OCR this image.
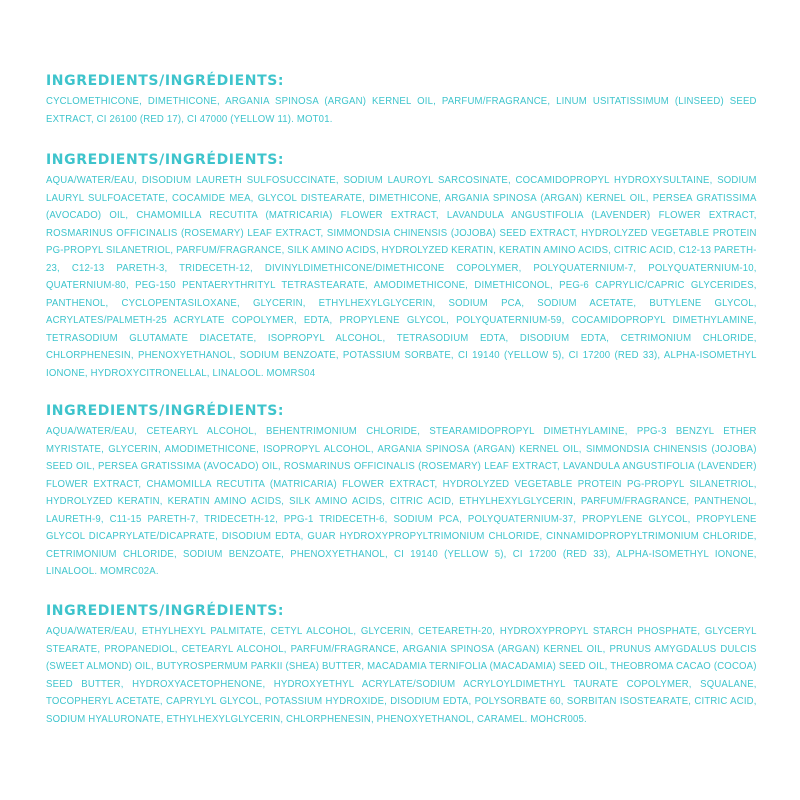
INGREDIENTS/INGRÉDIENTS:

CYCLOMETHICONE, DIMETHICONE, ARGANIA SPINOSA (ARGAN) KERNEL OIL, PARFUM/FRAGRANCE, LINUM USITATISSIMUM (LINSEED) SEED EXTRACT, CI 26100 (RED 17), CI 47000 (YELLOW 11). MOT01.

INGREDIENTS/INGRÉDIENTS:

AQUA/WATER/EAU, DISODIUM LAURETH SULFOSUCCINATE, SODIUM LAUROYL SARCOSINATE, COCAMIDOPROPYL HYDROXYSULTAINE, SODIUM LAURYL SULFOACETATE, COCAMIDE MEA, GLYCOL DISTEARATE, DIMETHICONE, ARGANIA SPINOSA (ARGAN) KERNEL OIL, PERSEA GRATISSIMA (AVOCADO) OIL, CHAMOMILLA RECUTITA (MATRICARIA) FLOWER EXTRACT, LAVANDULA ANGUSTIFOLIA (LAVENDER) FLOWER EXTRACT, ROSMARINUS OFFICINALIS (ROSEMARY) LEAF EXTRACT, SIMMONDSIA CHINENSIS (JOJOBA) SEED EXTRACT, HYDROLYZED VEGETABLE PROTEIN PG-PROPYL SILANETRIOL, PARFUM/FRAGRANCE, SILK AMINO ACIDS, HYDROLYZED KERATIN, KERATIN AMINO ACIDS, CITRIC ACID, C12-13 PARETH-23, C12-13 PARETH-3, TRIDECETH-12, DIVINYLDIMETHICONE/DIMETHICONE COPOLYMER, POLYQUATERNIUM-7, POLYQUATERNIUM-10, QUATERNIUM-80, PEG-150 PENTAERYTHRITYL TETRASTEARATE, AMODIMETHICONE, DIMETHICONOL, PEG-6 CAPRYLIC/CAPRIC GLYCERIDES, PANTHENOL, CYCLOPENTASILOXANE, GLYCERIN, ETHYLHEXYLGLYCERIN, SODIUM PCA, SODIUM ACETATE, BUTYLENE GLYCOL, ACRYLATES/PALMETH-25 ACRYLATE COPOLYMER, EDTA, PROPYLENE GLYCOL, POLYQUATERNIUM-59, COCAMIDOPROPYL DIMETHYLAMINE, TETRASODIUM GLUTAMATE DIACETATE, ISOPROPYL ALCOHOL, TETRASODIUM EDTA, DISODIUM EDTA, CETRIMONIUM CHLORIDE, CHLORPHENESIN, PHENOXYETHANOL, SODIUM BENZOATE, POTASSIUM SORBATE, CI 19140 (YELLOW 5), CI 17200 (RED 33), ALPHA-ISOMETHYL IONONE, HYDROXYCITRONELLAL, LINALOOL. MOMRS04

INGREDIENTS/INGRÉDIENTS:

AQUA/WATER/EAU, CETEARYL ALCOHOL, BEHENTRIMONIUM CHLORIDE, STEARAMIDOPROPYL DIMETHYLAMINE, PPG-3 BENZYL ETHER MYRISTATE, GLYCERIN, AMODIMETHICONE, ISOPROPYL ALCOHOL, ARGANIA SPINOSA (ARGAN) KERNEL OIL, SIMMONDSIA CHINENSIS (JOJOBA) SEED OIL, PERSEA GRATISSIMA (AVOCADO) OIL, ROSMARINUS OFFICINALIS (ROSEMARY) LEAF EXTRACT, LAVANDULA ANGUSTIFOLIA (LAVENDER) FLOWER EXTRACT, CHAMOMILLA RECUTITA (MATRICARIA) FLOWER EXTRACT, HYDROLYZED VEGETABLE PROTEIN PG-PROPYL SILANETRIOL, HYDROLYZED KERATIN, KERATIN AMINO ACIDS, SILK AMINO ACIDS, CITRIC ACID, ETHYLHEXYLGLYCERIN, PARFUM/FRAGRANCE, PANTHENOL, LAURETH-9, C11-15 PARETH-7, TRIDECETH-12, PPG-1 TRIDECETH-6, SODIUM PCA, POLYQUATERNIUM-37, PROPYLENE GLYCOL, PROPYLENE GLYCOL DICAPRYLATE/DICAPRATE, DISODIUM EDTA, GUAR HYDROXYPROPYLTRIMONIUM CHLORIDE, CINNAMIDOPROPYLTRIMONIUM CHLORIDE, CETRIMONIUM CHLORIDE, SODIUM BENZOATE, PHENOXYETHANOL, CI 19140 (YELLOW 5), CI 17200 (RED 33), ALPHA-ISOMETHYL IONONE, LINALOOL. MOMRC02A.

INGREDIENTS/INGRÉDIENTS:

AQUA/WATER/EAU, ETHYLHEXYL PALMITATE, CETYL ALCOHOL, GLYCERIN, CETEARETH-20, HYDROXYPROPYL STARCH PHOSPHATE, GLYCERYL STEARATE, PROPANEDIOL, CETEARYL ALCOHOL, PARFUM/FRAGRANCE, ARGANIA SPINOSA (ARGAN) KERNEL OIL, PRUNUS AMYGDALUS DULCIS (SWEET ALMOND) OIL, BUTYROSPERMUM PARKII (SHEA) BUTTER, MACADAMIA TERNIFOLIA (MACADAMIA) SEED OIL, THEOBROMA CACAO (COCOA) SEED BUTTER, HYDROXYACETOPHENONE, HYDROXYETHYL ACRYLATE/SODIUM ACRYLOYLDIMETHYL TAURATE COPOLYMER, SQUALANE, TOCOPHERYL ACETATE, CAPRYLYL GLYCOL, POTASSIUM HYDROXIDE, DISODIUM EDTA, POLYSORBATE 60, SORBITAN ISOSTEARATE, CITRIC ACID, SODIUM HYALURONATE, ETHYLHEXYLGLYCERIN, CHLORPHENESIN, PHENOXYETHANOL, CARAMEL. MOHCR005.
